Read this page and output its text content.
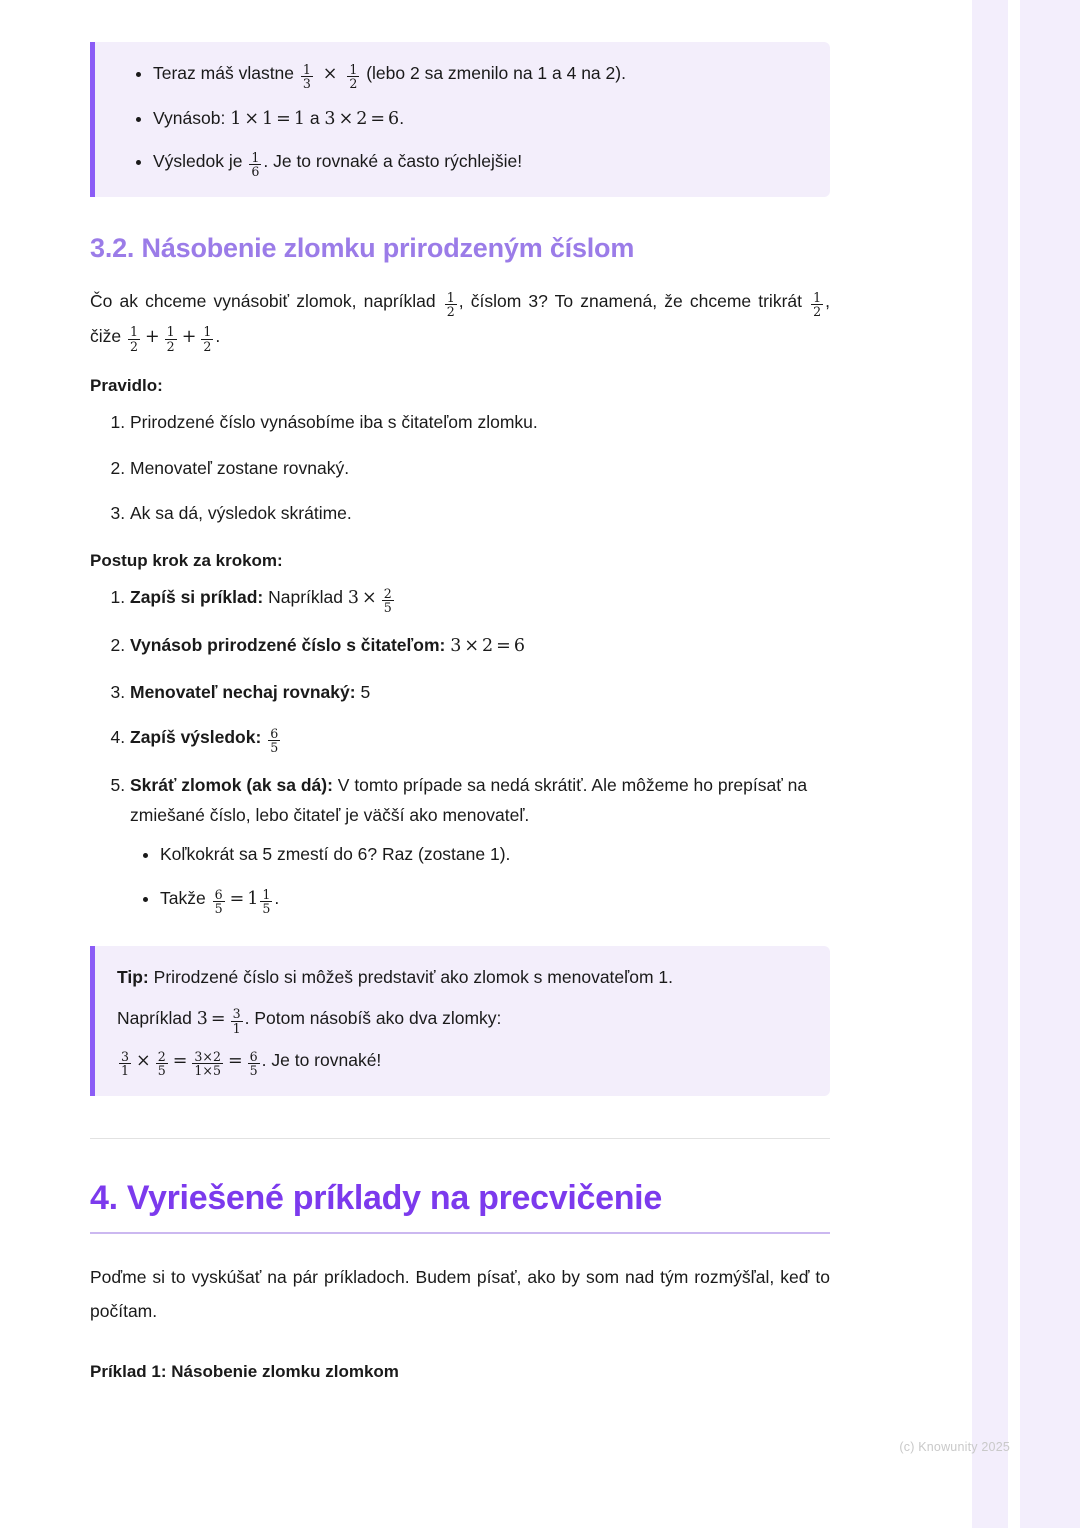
• Teraz máš vlastne $\frac{1}{3} \times \frac{1}{2}$ (lebo 2 sa zmenilo na 1 a 4 na 2).
• Vynásob: 1 × 1 = 1 a 3 × 2 = 6.
• Výsledok je $\frac{1}{6}$ . Je to rovnaké a často rýchlejšie!
3.2. Násobenie zlomku prirodzeným číslom

Čo ak chceme vynásobiť zlomok, napríklad $\frac{1}{2}$ , číslom 3? To znamená, že chceme trikrát $\frac{1}{2}$ , čiže $\frac{1}{2} + \frac{1}{2} + \frac{1}{2}$ .

Pravidlo:
1. Prirodzené číslo vynásobíme iba s čitateľom zlomku.
2. Menovateľ zostane rovnaký.
3. Ak sa dá, výsledok skrátime.
Postup krok za krokom:
1. Zapíš si príklad: Napríklad $3 \times \frac{2}{5}$
2. Vynásob prirodzené číslo s čitateľom: 3 × 2 = 6
3. Menovateľ nechaj rovnaký: 5
4. Zapíš výsledok: $\frac{6}{5}$
5. Skráť zlomok (ak sa dá): V tomto prípade sa nedá skrátiť. Ale môžeme ho prepísať na zmiešané číslo, lebo čitateľ je väčší ako menovateľ.
• Koľkokrát sa 5 zmestí do 6? Raz (zostane 1).
• Takže $\frac{6}{5} = 1 \frac{1}{5}$ .

Tip: Prirodzené číslo si môžeš predstaviť ako zlomok s menovateľom 1.

Napríklad $3 = \frac{3}{1}$ . Potom násobíš ako dva zlomky:

$\frac{3}{1} \times \frac{2}{5} = \frac{3\times 2}{1\times 5} = \frac{6}{5}$ . Je to rovnaké!

4. Vyriešené príklady na precvičenie

Poďme si to vyskúšať na pár príkladoch. Budem písať, ako by som nad tým rozmýšľal, keď to počítam.

Príklad 1: Násobenie zlomku zlomkom
(c) Knowunity 2025
